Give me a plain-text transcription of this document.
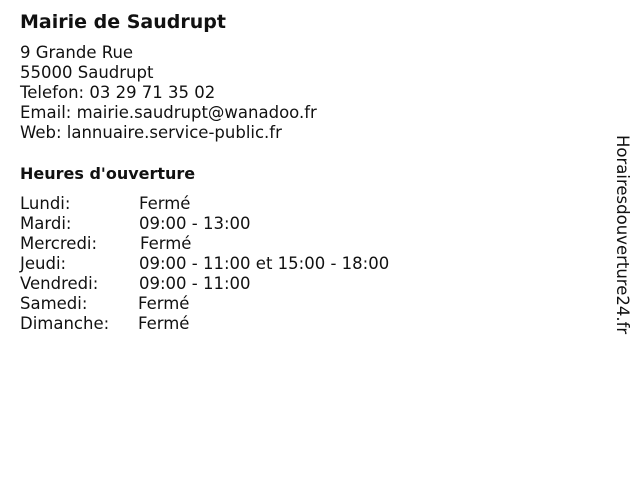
Mairie de Saudrupt
9 Grande Rue
55000 Saudrupt
Telefon: 03 29 71 35 02
Email: mairie.saudrupt@wanadoo.fr
Web: lannuaire.service-public.fr
Heures d'ouverture
Lundi:	Fermé
Mardi:	09:00 - 13:00
Mercredi:	Fermé
Jeudi:	09:00 - 11:00 et 15:00 - 18:00
Vendredi: 09:00 - 11:00
Samedi:	Fermé
Dimanche: Fermé	Horairesdouverture24.fr
